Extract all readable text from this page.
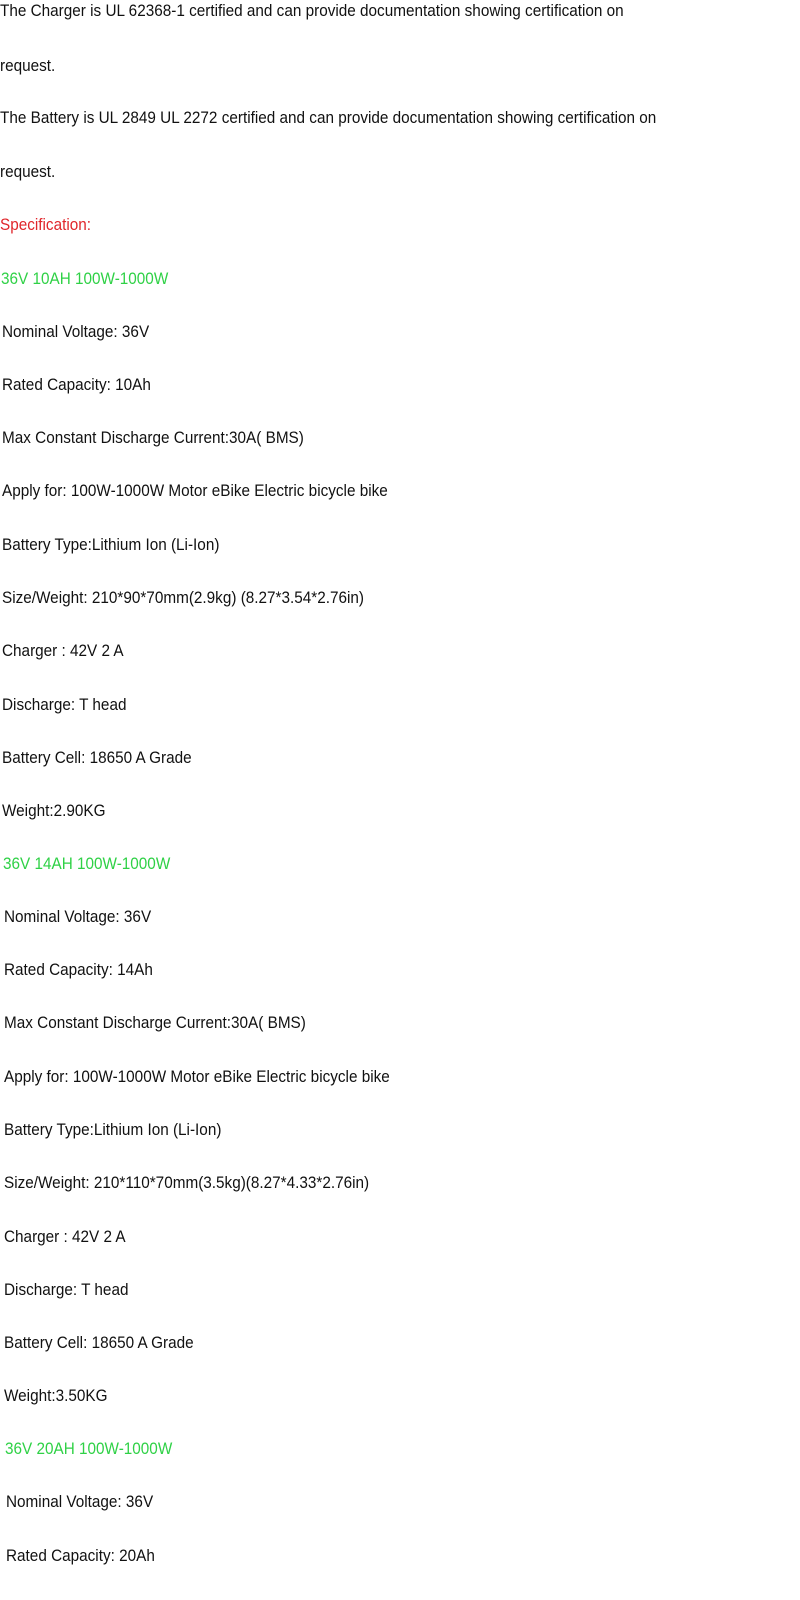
The Charger is UL 62368-1 certified and can provide documentation showing certification on
request.
The Battery is UL 2849 UL 2272 certified and can provide documentation showing certification on
request.
Specification:
36V 10AH 100W-1000W
Nominal Voltage: 36V
Rated Capacity: 10Ah
Max Constant Discharge Current:30A( BMS)
Apply for: 100W-1000W Motor eBike Electric bicycle bike
Battery Type:Lithium Ion (Li-Ion)
Size/Weight: 210*90*70mm(2.9kg) (8.27*3.54*2.76in)
Charger : 42V 2 A
Discharge: T head
Battery Cell: 18650 A Grade
Weight:2.90KG
36V 14AH 100W-1000W
Nominal Voltage: 36V
Rated Capacity: 14Ah
Max Constant Discharge Current:30A( BMS)
Apply for: 100W-1000W Motor eBike Electric bicycle bike
Battery Type:Lithium Ion (Li-Ion)
Size/Weight: 210*110*70mm(3.5kg)(8.27*4.33*2.76in)
Charger : 42V 2 A
Discharge: T head
Battery Cell: 18650 A Grade
Weight:3.50KG
36V 20AH 100W-1000W
Nominal Voltage: 36V
Rated Capacity: 20Ah
